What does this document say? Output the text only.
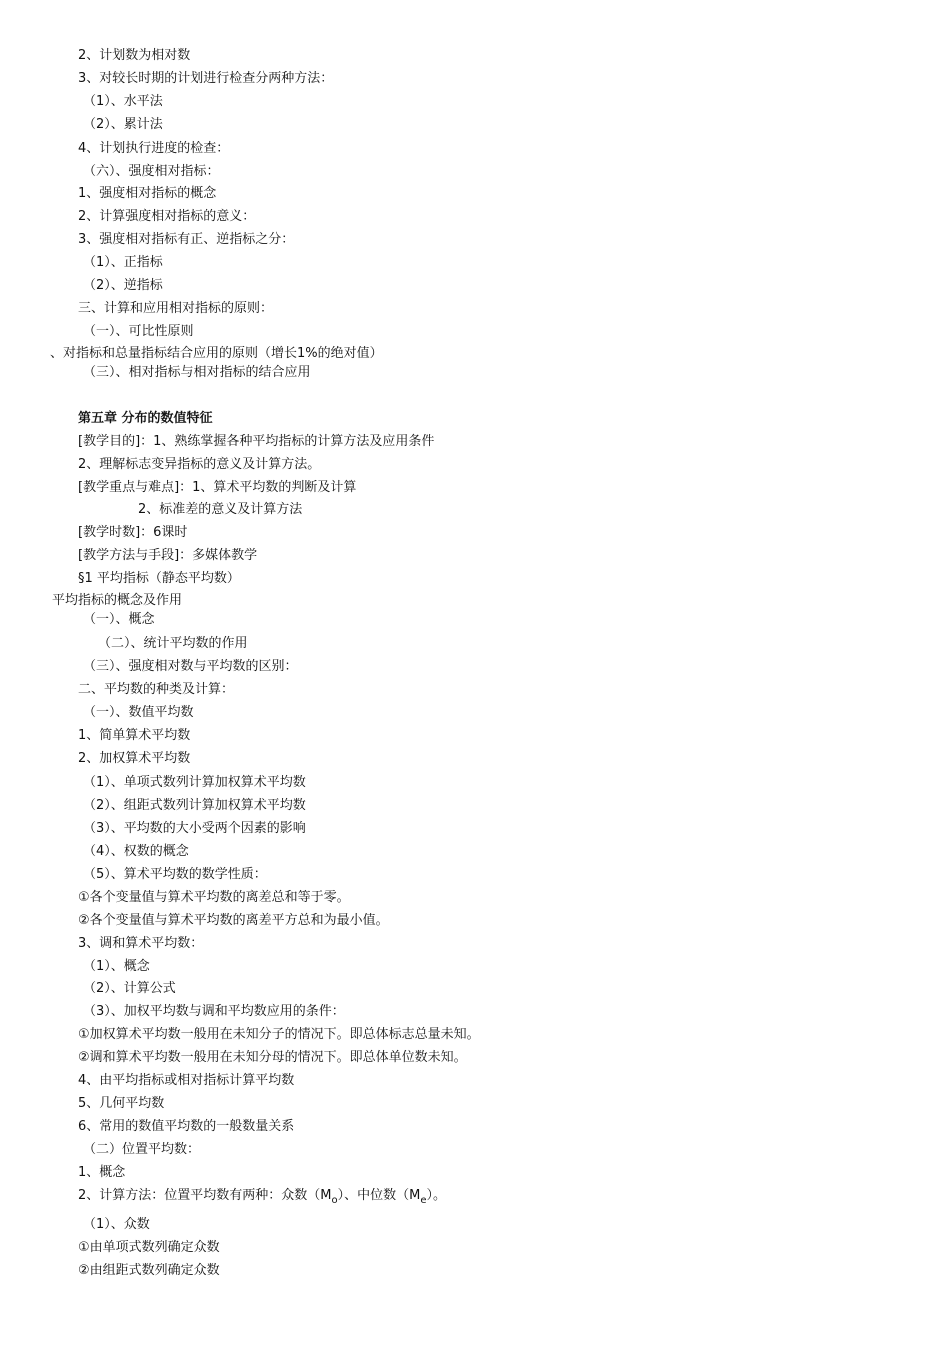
2、计划数为相对数
3、对较长时期的计划进行检查分两种方法：
（1）、水平法
（2）、累计法
4、计划执行进度的检查：
（六）、强度相对指标：
1、强度相对指标的概念
2、计算强度相对指标的意义：
3、强度相对指标有正、逆指标之分：
（1）、正指标
（2）、逆指标
三、计算和应用相对指标的原则：
（一）、可比性原则
、对指标和总量指标结合应用的原则（增长1%的绝对值）
（三）、相对指标与相对指标的结合应用
第五章 分布的数值特征
[教学目的]：1、熟练掌握各种平均指标的计算方法及应用条件
2、理解标志变异指标的意义及计算方法。
[教学重点与难点]：1、算术平均数的判断及计算
2、标准差的意义及计算方法
[教学时数]：6课时
[教学方法与手段]：多媒体教学
§1 平均指标（静态平均数）
平均指标的概念及作用
（一）、概念
（二）、统计平均数的作用
（三）、强度相对数与平均数的区别：
二、平均数的种类及计算：
（一）、数值平均数
1、简单算术平均数
2、加权算术平均数
（1）、单项式数列计算加权算术平均数
（2）、组距式数列计算加权算术平均数
（3）、平均数的大小受两个因素的影响
（4）、权数的概念
（5）、算术平均数的数学性质：
①各个变量值与算术平均数的离差总和等于零。
②各个变量值与算术平均数的离差平方总和为最小值。
3、调和算术平均数：
（1）、概念
（2）、计算公式
（3）、加权平均数与调和平均数应用的条件：
①加权算术平均数一般用在未知分子的情况下。即总体标志总量未知。
②调和算术平均数一般用在未知分母的情况下。即总体单位数未知。
4、由平均指标或相对指标计算平均数
5、几何平均数
6、常用的数值平均数的一般数量关系
（二）位置平均数：
1、概念
2、计算方法：位置平均数有两种：众数$(M_o)$、中位数$(M_e)$。
（1）、众数
①由单项式数列确定众数
②由组距式数列确定众数
